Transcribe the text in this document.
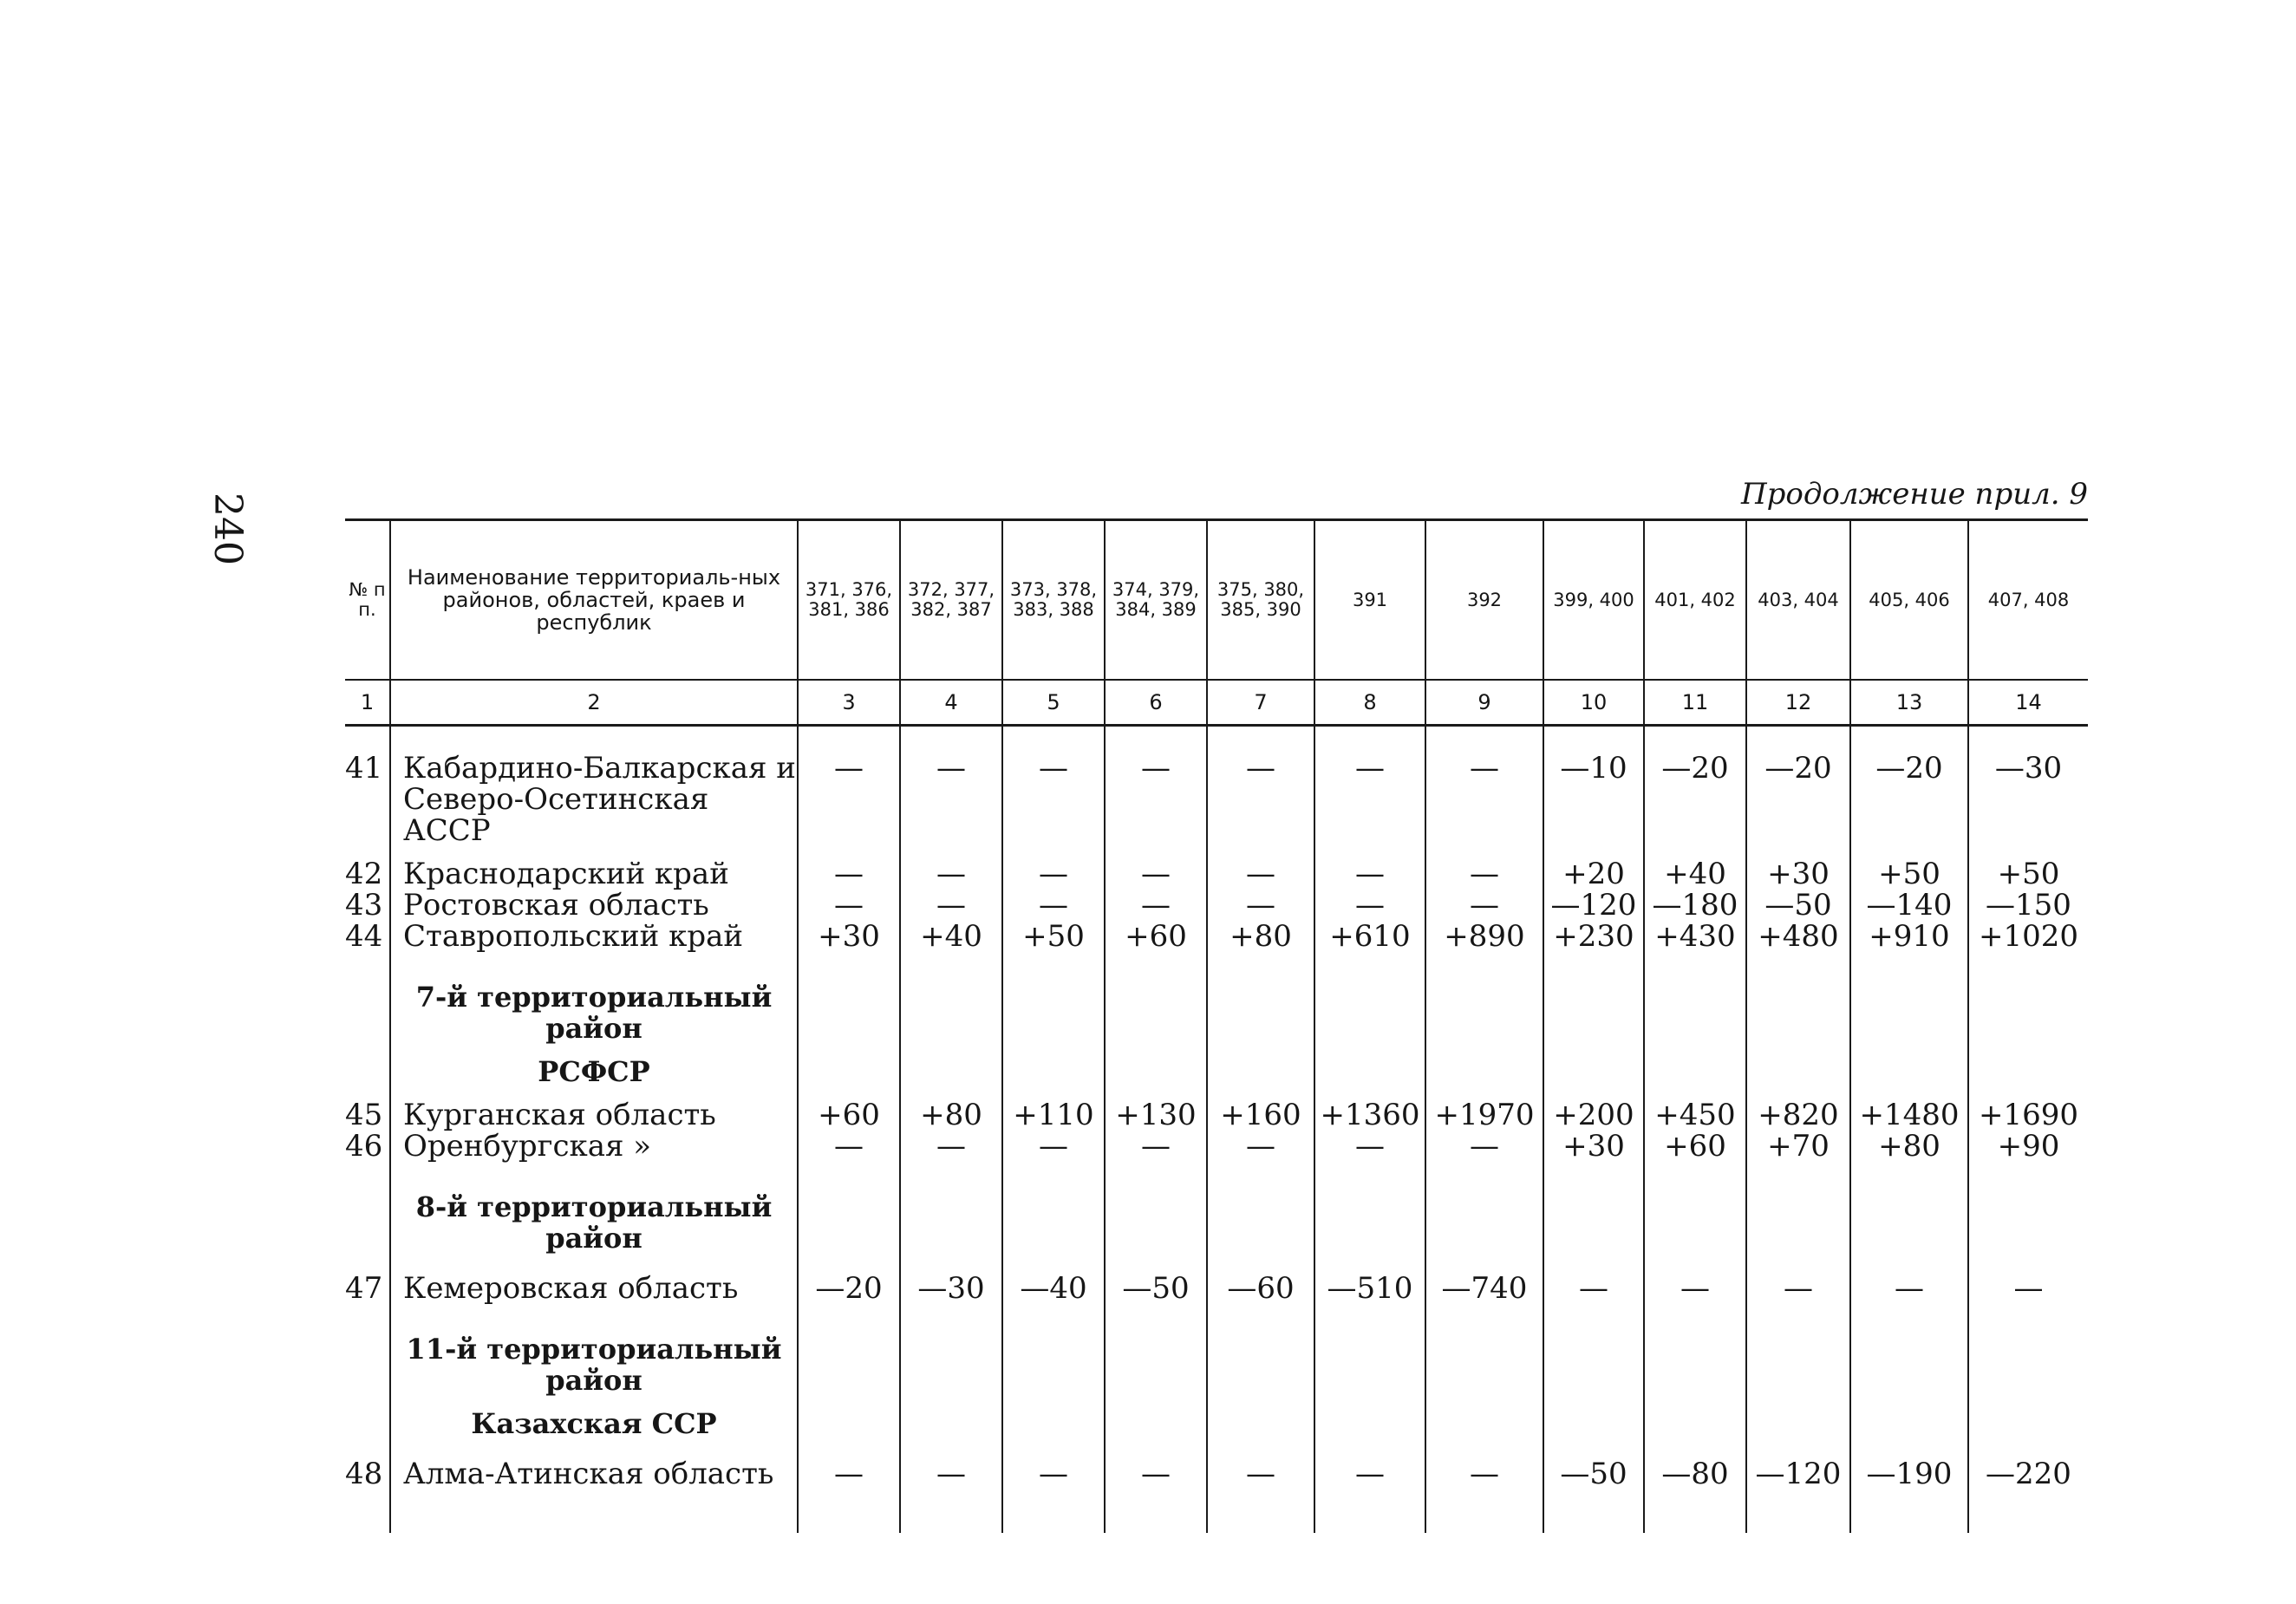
240	Продолжение прил. 9
№ п п.	Наименование территориаль-ных районов, областей, краев и республик	371, 376, 381, 386	372, 377, 382, 387	373, 378, 383, 388	374, 379, 384, 389	375, 380, 385, 390	391	392	399, 400	401, 402	403, 404	405, 406	407, 408
1	2	3	4	5	6	7	8	9	10	11	12	13	14
41	Кабардино-Балкарская и Северо-Осетинская АССР	—	—	—	—	—	—	—	—10	—20	—20	—20	—30
42	Краснодарский край	—	—	—	—	—	—	—	+20	+40	+30	+50	+50
43	Ростовская область	—	—	—	—	—	—	—	—120	—180	—50	—140	—150
44	Ставропольский край	+30	+40	+50	+60	+80	+610	+890	+230	+430	+480	+910	+1020
	7-й территориальный район												
	РСФСР												
45	Курганская область	+60	+80	+110	+130	+160	+1360	+1970	+200	+450	+820	+1480	+1690
46	Оренбургская »	—	—	—	—	—	—	—	+30	+60	+70	+80	+90
	8-й территориальный район												
47	Кемеровская область	—20	—30	—40	—50	—60	—510	—740	—	—	—	—	—
	11-й территориальный район												
	Казахская ССР												
48	Алма-Атинская область	—	—	—	—	—	—	—	—50	—80	—120	—190	—220
